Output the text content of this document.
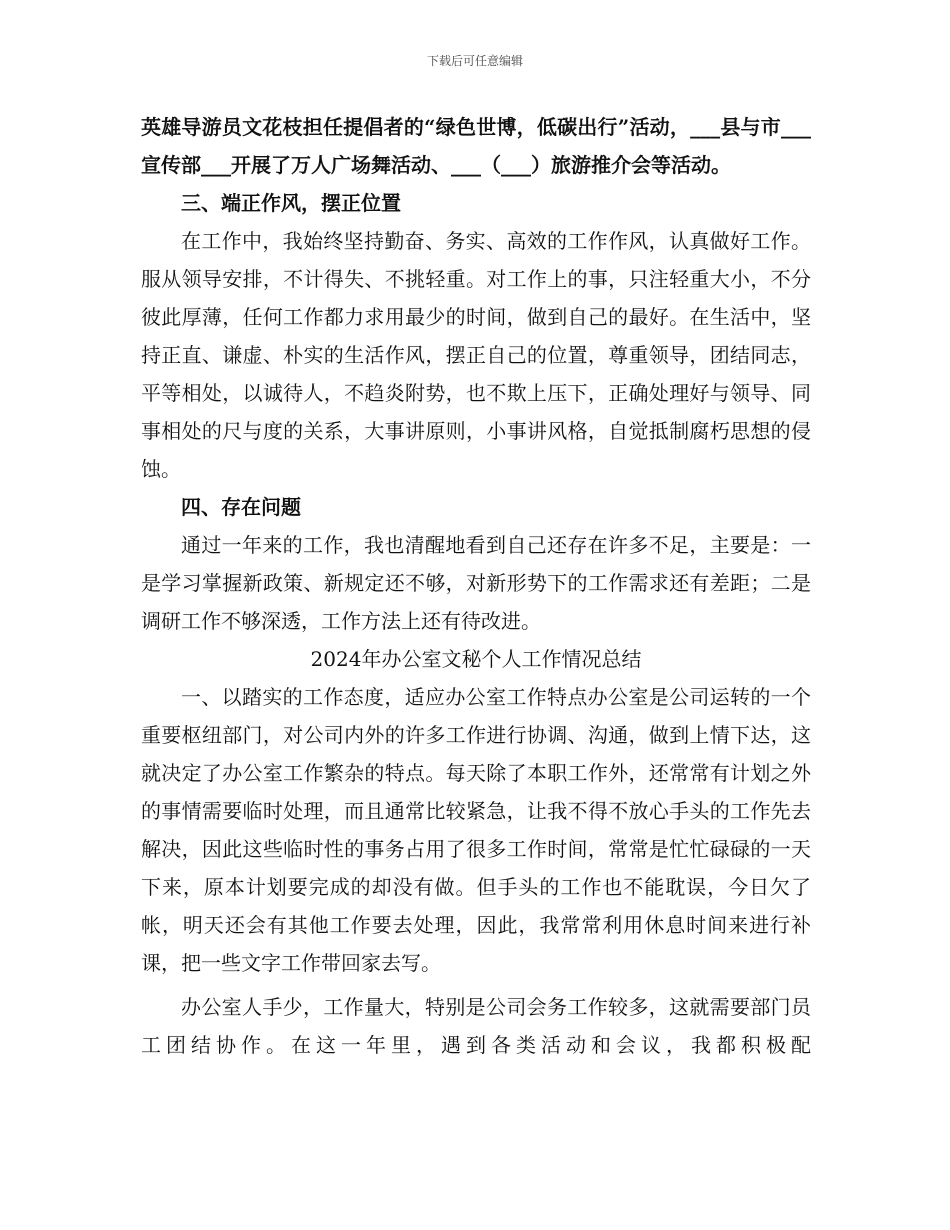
下载后可任意编辑

英雄导游员文花枝担任提倡者的“绿色世博，低碳出行”活动，___县与市___宣传部___开展了万人广场舞活动、___（___）旅游推介会等活动。

三、端正作风，摆正位置

在工作中，我始终坚持勤奋、务实、高效的工作作风，认真做好工作。服从领导安排，不计得失、不挑轻重。对工作上的事，只注轻重大小，不分彼此厚薄，任何工作都力求用最少的时间，做到自己的最好。在生活中，坚持正直、谦虚、朴实的生活作风，摆正自己的位置，尊重领导，团结同志，平等相处，以诚待人，不趋炎附势，也不欺上压下，正确处理好与领导、同事相处的尺与度的关系，大事讲原则，小事讲风格，自觉抵制腐朽思想的侵蚀。

四、存在问题

通过一年来的工作，我也清醒地看到自己还存在许多不足，主要是：一是学习掌握新政策、新规定还不够，对新形势下的工作需求还有差距；二是调研工作不够深透，工作方法上还有待改进。

2024年办公室文秘个人工作情况总结

一、以踏实的工作态度，适应办公室工作特点办公室是公司运转的一个重要枢纽部门，对公司内外的许多工作进行协调、沟通，做到上情下达，这就决定了办公室工作繁杂的特点。每天除了本职工作外，还常常有计划之外的事情需要临时处理，而且通常比较紧急，让我不得不放心手头的工作先去解决，因此这些临时性的事务占用了很多工作时间，常常是忙忙碌碌的一天下来，原本计划要完成的却没有做。但手头的工作也不能耽误，今日欠了帐，明天还会有其他工作要去处理，因此，我常常利用休息时间来进行补课，把一些文字工作带回家去写。

办公室人手少，工作量大，特别是公司会务工作较多，这就需要部门员工团结协作。在这一年里，遇到各类活动和会议，我都积极配
